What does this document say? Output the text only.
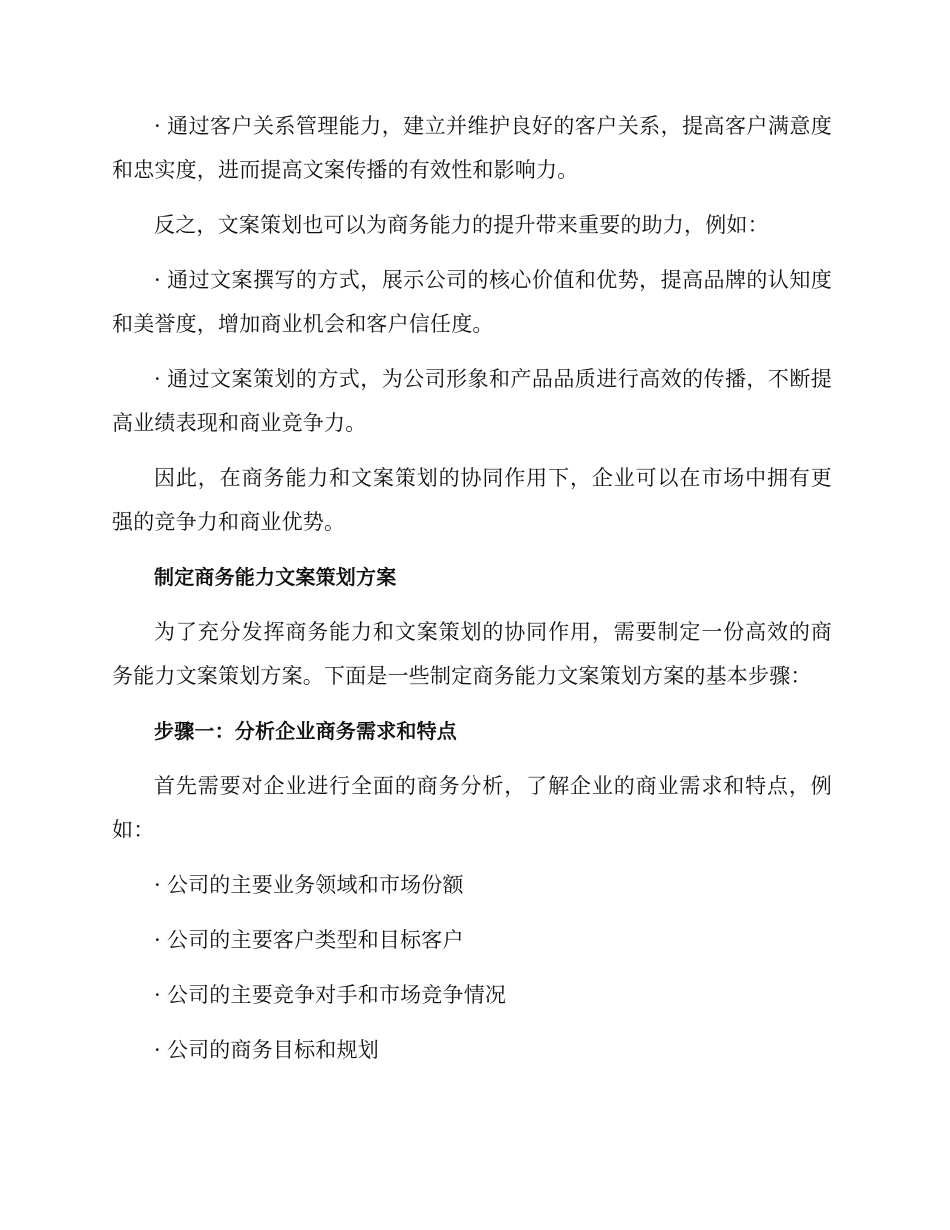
· 通过客户关系管理能力，建立并维护良好的客户关系，提高客户满意度和忠实度，进而提高文案传播的有效性和影响力。

反之，文案策划也可以为商务能力的提升带来重要的助力，例如：

· 通过文案撰写的方式，展示公司的核心价值和优势，提高品牌的认知度和美誉度，增加商业机会和客户信任度。

· 通过文案策划的方式，为公司形象和产品品质进行高效的传播，不断提高业绩表现和商业竞争力。

因此，在商务能力和文案策划的协同作用下，企业可以在市场中拥有更强的竞争力和商业优势。

制定商务能力文案策划方案

为了充分发挥商务能力和文案策划的协同作用，需要制定一份高效的商务能力文案策划方案。下面是一些制定商务能力文案策划方案的基本步骤：

步骤一：分析企业商务需求和特点

首先需要对企业进行全面的商务分析，了解企业的商业需求和特点，例如：

· 公司的主要业务领域和市场份额

· 公司的主要客户类型和目标客户

· 公司的主要竞争对手和市场竞争情况

· 公司的商务目标和规划
